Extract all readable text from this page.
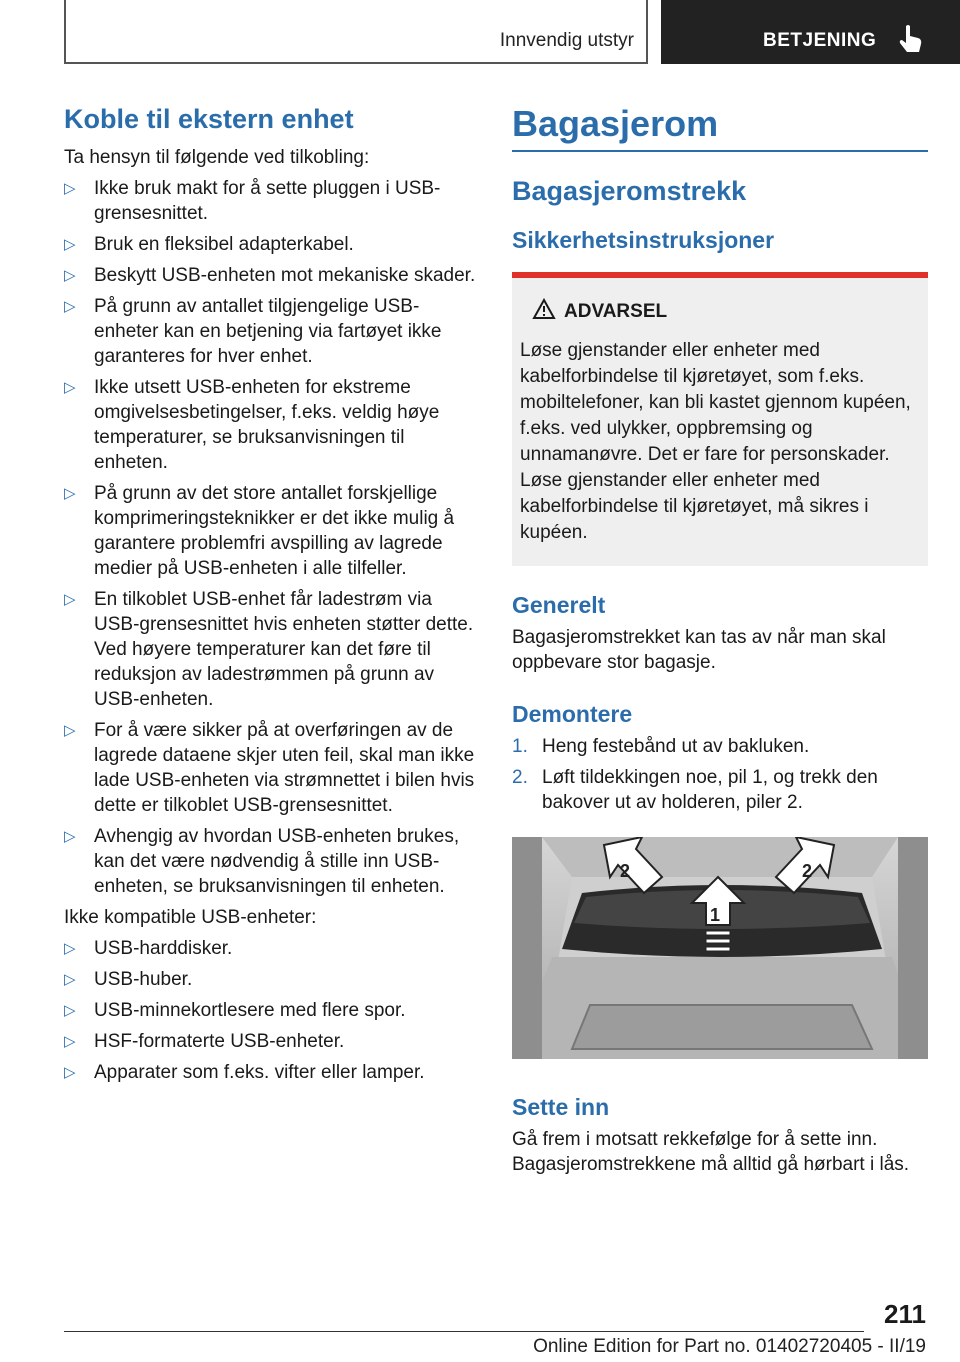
Innvendig utstyr	BETJENING
Koble til ekstern enhet

Ta hensyn til følgende ved tilkobling:

▷ Ikke bruk makt for å sette pluggen i USB-grensesnittet.
▷ Bruk en fleksibel adapterkabel.
▷ Beskytt USB-enheten mot mekaniske skader.
▷ På grunn av antallet tilgjengelige USB-enheter kan en betjening via fartøyet ikke garanteres for hver enhet.
▷ Ikke utsett USB-enheten for ekstreme omgivelsesbetingelser, f.eks. veldig høye temperaturer, se bruksanvisningen til enheten.
▷ På grunn av det store antallet forskjellige komprimeringsteknikker er det ikke mulig å garantere problemfri avspilling av lagrede medier på USB-enheten i alle tilfeller.
▷ En tilkoblet USB-enhet får ladestrøm via USB-grensesnittet hvis enheten støtter dette. Ved høyere temperaturer kan det føre til reduksjon av ladestrømmen på grunn av USB-enheten.
▷ For å være sikker på at overføringen av de lagrede dataene skjer uten feil, skal man ikke lade USB-enheten via strømnettet i bilen hvis dette er tilkoblet USB-grensesnittet.
▷ Avhengig av hvordan USB-enheten brukes, kan det være nødvendig å stille inn USB-enheten, se bruksanvisningen til enheten.

Ikke kompatible USB-enheter:

▷ USB-harddisker.
▷ USB-huber.
▷ USB-minnekortlesere med flere spor.
▷ HSF-formaterte USB-enheter.
▷ Apparater som f.eks. vifter eller lamper.
Bagasjerom
Bagasjeromstrekk
Sikkerhetsinstruksjoner
ADVARSEL

Løse gjenstander eller enheter med kabelforbindelse til kjøretøyet, som f.eks. mobiltelefoner, kan bli kastet gjennom kupéen, f.eks. ved ulykker, oppbremsing og unnamanøvre. Det er fare for personskader. Løse gjenstander eller enheter med kabelforbindelse til kjøretøyet, må sikres i kupéen.

Generelt

Bagasjeromstrekket kan tas av når man skal oppbevare stor bagasje.

Demontere
1. Heng festebånd ut av bakluken.
2. Løft tildekkingen noe, pil 1, og trekk den bakover ut av holderen, piler 2.
2	2
1
Sette inn

Gå frem i motsatt rekkefølge for å sette inn. Bagasjeromstrekkene må alltid gå hørbart i lås.

211
Online Edition for Part no. 01402720405 - II/19
